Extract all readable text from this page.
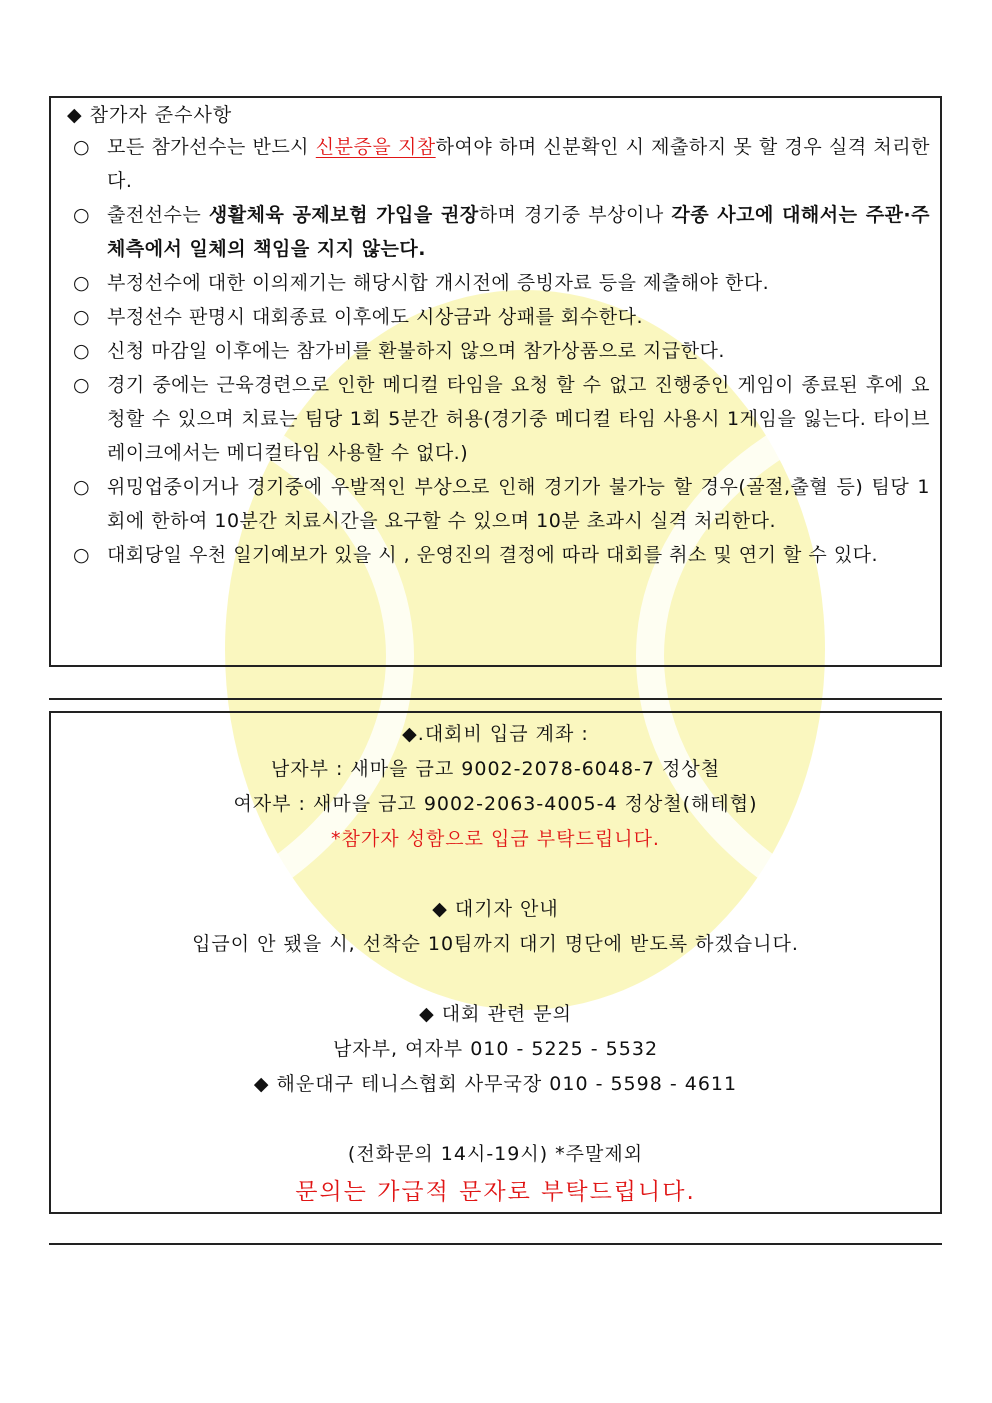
◆ 참가자 준수사항
○ 모든 참가선수는 반드시 신분증을 지참하여야 하며 신분확인 시 제출하지 못 할 경우 실격 처리한다.
○ 출전선수는 생활체육 공제보험 가입을 권장하며 경기중 부상이나 각종 사고에 대해서는 주관·주체측에서 일체의 책임을 지지 않는다.
○ 부정선수에 대한 이의제기는 해당시합 개시전에 증빙자료 등을 제출해야 한다.
○ 부정선수 판명시 대회종료 이후에도 시상금과 상패를 회수한다.
○ 신청 마감일 이후에는 참가비를 환불하지 않으며 참가상품으로 지급한다.
○ 경기 중에는 근육경련으로 인한 메디컬 타임을 요청 할 수 없고 진행중인 게임이 종료된 후에 요청할 수 있으며 치료는 팀당 1회 5분간 허용(경기중 메디컬 타임 사용시 1게임을 잃는다. 타이브레이크에서는 메디컬타임 사용할 수 없다.)
○ 위밍업중이거나 경기중에 우발적인 부상으로 인해 경기가 불가능 할 경우(골절,출혈 등) 팀당 1회에 한하여 10분간 치료시간을 요구할 수 있으며 10분 초과시 실격 처리한다.
○ 대회당일 우천 일기예보가 있을 시 , 운영진의 결정에 따라 대회를 취소 및 연기 할 수 있다.
◆.대회비 입금 계좌 :
남자부 : 새마을 금고 9002-2078-6048-7 정상철
여자부 : 새마을 금고 9002-2063-4005-4 정상철(해테협)
*참가자 성함으로 입금 부탁드립니다.
◆ 대기자 안내
입금이 안 됐을 시, 선착순 10팀까지 대기 명단에 받도록 하겠습니다.
◆ 대회 관련 문의
남자부, 여자부 010 - 5225 - 5532
◆ 해운대구 테니스협회 사무국장 010 - 5598 - 4611
(전화문의 14시-19시) *주말제외
문의는 가급적 문자로 부탁드립니다.
